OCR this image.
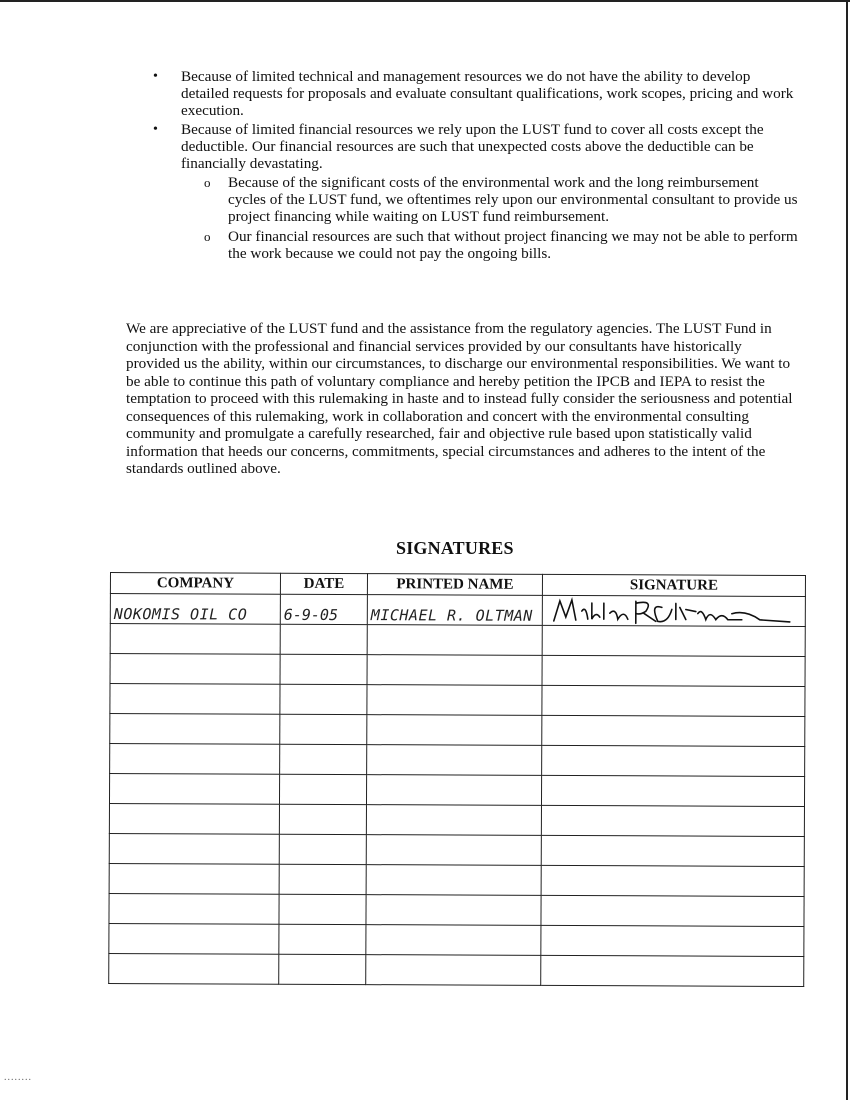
• Because of limited technical and management resources we do not have the ability to develop detailed requests for proposals and evaluate consultant qualifications, work scopes, pricing and work execution.
• Because of limited financial resources we rely upon the LUST fund to cover all costs except the deductible. Our financial resources are such that unexpected costs above the deductible can be financially devastating.
o Because of the significant costs of the environmental work and the long reimbursement cycles of the LUST fund, we oftentimes rely upon our environmental consultant to provide us project financing while waiting on LUST fund reimbursement.
o Our financial resources are such that without project financing we may not be able to perform the work because we could not pay the ongoing bills.
We are appreciative of the LUST fund and the assistance from the regulatory agencies. The LUST Fund in conjunction with the professional and financial services provided by our consultants have historically provided us the ability, within our circumstances, to discharge our environmental responsibilities. We want to be able to continue this path of voluntary compliance and hereby petition the IPCB and IEPA to resist the temptation to proceed with this rulemaking in haste and to instead fully consider the seriousness and potential consequences of this rulemaking, work in collaboration and concert with the environmental consulting community and promulgate a carefully researched, fair and objective rule based upon statistically valid information that heeds our concerns, commitments, special circumstances and adheres to the intent of the standards outlined above.
SIGNATURES
COMPANY	DATE	PRINTED NAME	SIGNATURE
NOKOMIS OIL CO	6-9-05	MICHAEL R. OLTMAN	

........
